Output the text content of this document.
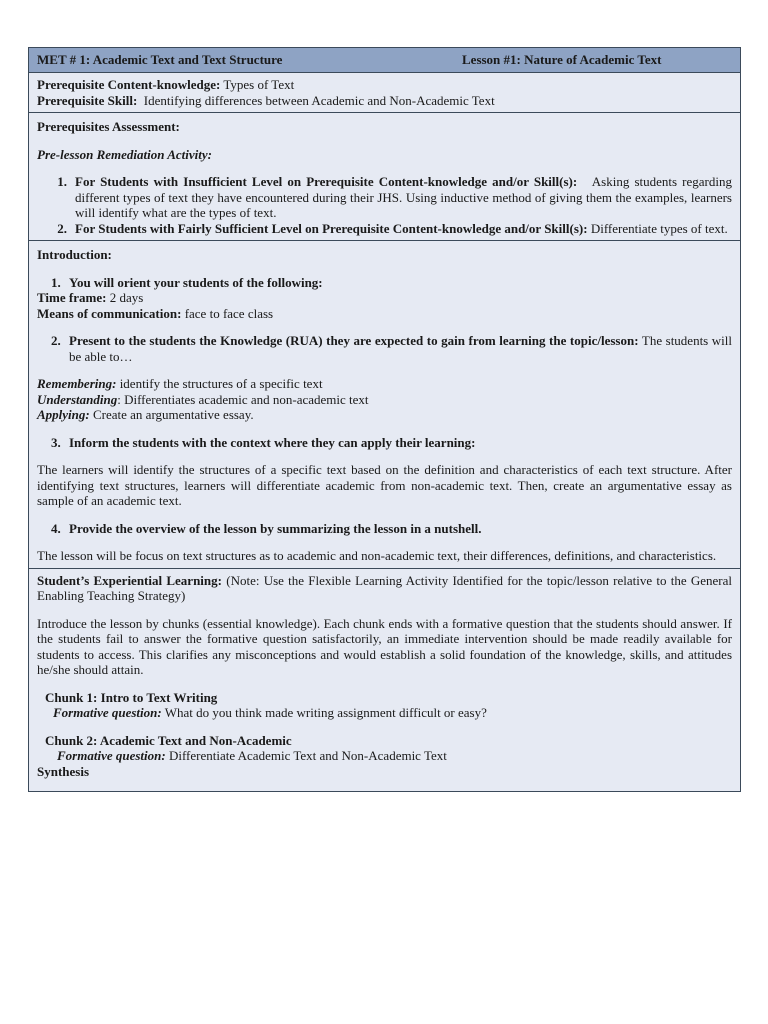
MET # 1: Academic Text and Text Structure	Lesson #1: Nature of Academic Text

Prerequisite Content-knowledge: Types of Text

Prerequisite Skill: Identifying differences between Academic and Non-Academic Text

Prerequisites Assessment:

Pre-lesson Remediation Activity:

1. For Students with Insufficient Level on Prerequisite Content-knowledge and/or Skill(s): Asking students regarding different types of text they have encountered during their JHS. Using inductive method of giving them the examples, learners will identify what are the types of text.
2. For Students with Fairly Sufficient Level on Prerequisite Content-knowledge and/or Skill(s): Differentiate types of text.

Introduction:

1. You will orient your students of the following:

Time frame: 2 days

Means of communication: face to face class

2. Present to the students the Knowledge (RUA) they are expected to gain from learning the topic/lesson: The students will be able to…

Remembering: identify the structures of a specific text

Understanding: Differentiates academic and non-academic text

Applying: Create an argumentative essay.

3. Inform the students with the context where they can apply their learning:

The learners will identify the structures of a specific text based on the definition and characteristics of each text structure. After identifying text structures, learners will differentiate academic from non-academic text. Then, create an argumentative essay as sample of an academic text.

4. Provide the overview of the lesson by summarizing the lesson in a nutshell.

The lesson will be focus on text structures as to academic and non-academic text, their differences, definitions, and characteristics.

Student’s Experiential Learning: (Note: Use the Flexible Learning Activity Identified for the topic/lesson relative to the General Enabling Teaching Strategy)

Introduce the lesson by chunks (essential knowledge). Each chunk ends with a formative question that the students should answer. If the students fail to answer the formative question satisfactorily, an immediate intervention should be made readily available for students to access. This clarifies any misconceptions and would establish a solid foundation of the knowledge, skills, and attitudes he/she should attain.

Chunk 1: Intro to Text Writing

Formative question: What do you think made writing assignment difficult or easy?

Chunk 2: Academic Text and Non-Academic

Formative question: Differentiate Academic Text and Non-Academic Text

Synthesis
